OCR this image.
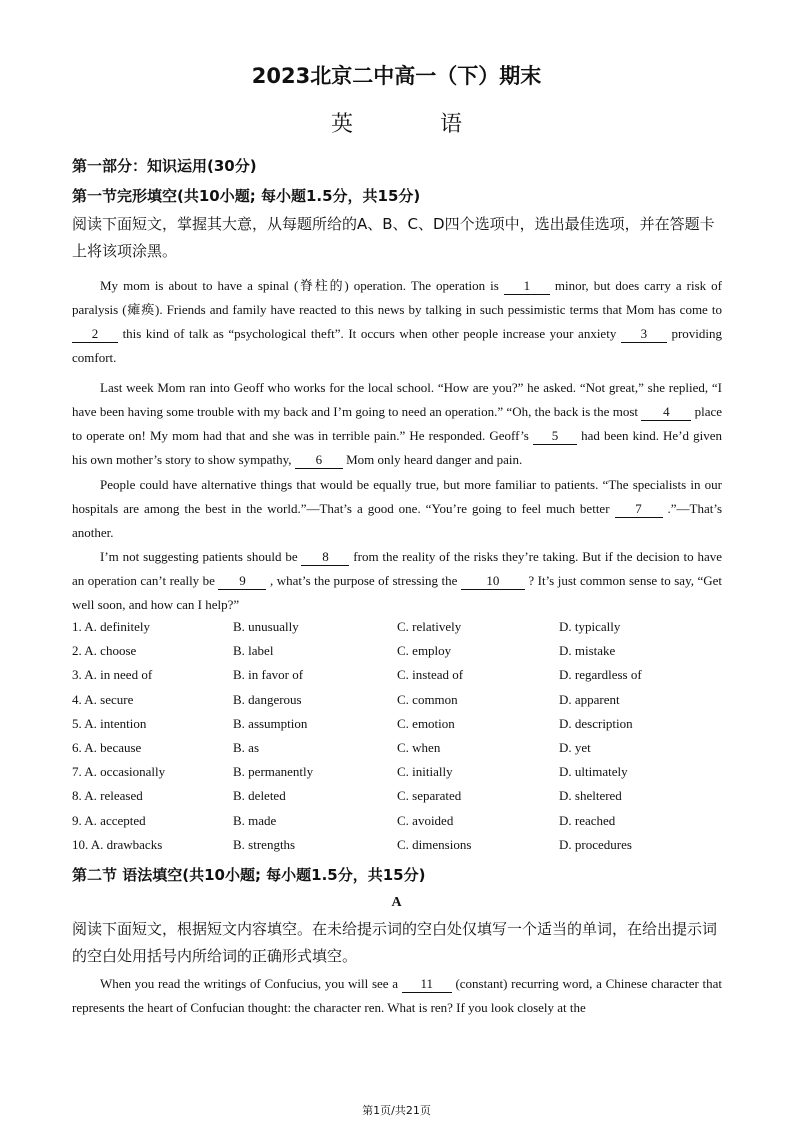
2023北京二中高一（下）期末
英 语
第一部分：知识运用(30分)
第一节完形填空(共10小题; 每小题1.5分，共15分)
阅读下面短文，掌握其大意，从每题所给的A、B、C、D四个选项中，选出最佳选项，并在答题卡上将该项涂黑。
My mom is about to have a spinal (脊柱的) operation. The operation is 1 minor, but does carry a risk of paralysis (瘫痪). Friends and family have reacted to this news by talking in such pessimistic terms that Mom has come to 2 this kind of talk as “psychological theft”. It occurs when other people increase your anxiety 3 providing comfort.
Last week Mom ran into Geoff who works for the local school. “How are you?” he asked. “Not great,” she replied, “I have been having some trouble with my back and I’m going to need an operation.” “Oh, the back is the most 4 place to operate on! My mom had that and she was in terrible pain.” He responded. Geoff’s 5 had been kind. He’d given his own mother’s story to show sympathy, 6 Mom only heard danger and pain.
People could have alternative things that would be equally true, but more familiar to patients. “The specialists in our hospitals are among the best in the world.”—That’s a good one. “You’re going to feel much better 7 .”—That’s another.
I’m not suggesting patients should be 8 from the reality of the risks they’re taking. But if the decision to have an operation can’t really be 9 , what’s the purpose of stressing the 10 ? It’s just common sense to say, “Get well soon, and how can I help?”
1. A. definitely	B. unusually	C. relatively	D. typically
2. A. choose	B. label	C. employ	D. mistake
3. A. in need of	B. in favor of	C. instead of	D. regardless of
4. A. secure	B. dangerous	C. common	D. apparent
5. A. intention	B. assumption	C. emotion	D. description
6. A. because	B. as	C. when	D. yet
7. A. occasionally	B. permanently	C. initially	D. ultimately
8. A. released	B. deleted	C. separated	D. sheltered
9. A. accepted	B. made	C. avoided	D. reached
10. A. drawbacks	B. strengths	C. dimensions	D. procedures
第二节 语法填空(共10小题; 每小题1.5分，共15分)
A
阅读下面短文，根据短文内容填空。在未给提示词的空白处仅填写一个适当的单词，在给出提示词的空白处用括号内所给词的正确形式填空。
When you read the writings of Confucius, you will see a 11 (constant) recurring word, a Chinese character that represents the heart of Confucian thought: the character ren. What is ren? If you look closely at the
第1页/共21页
